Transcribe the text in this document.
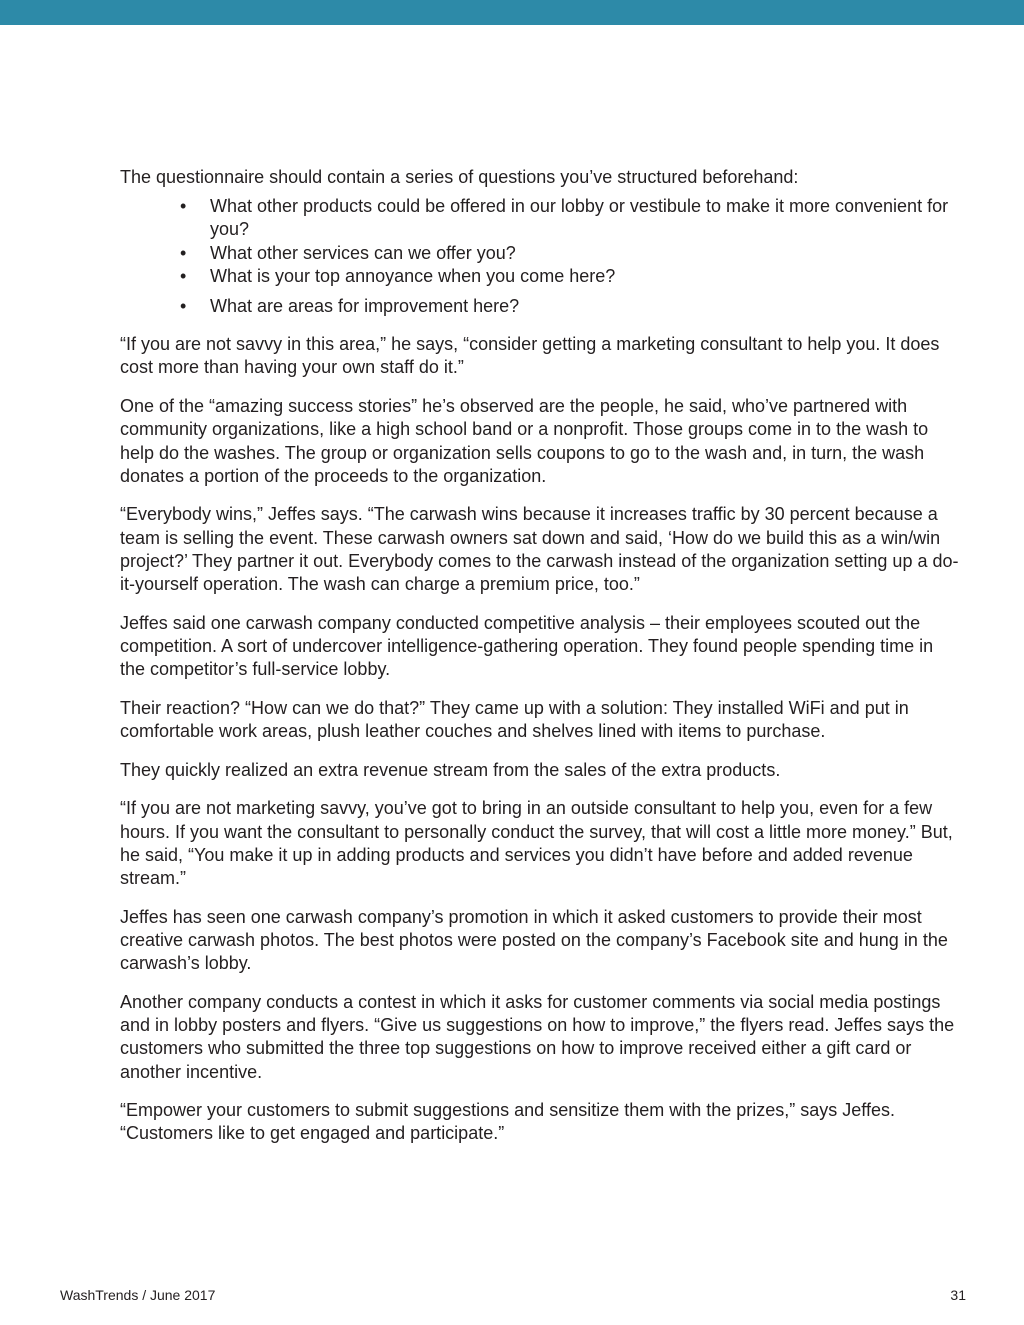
The questionnaire should contain a series of questions you’ve structured beforehand:

• What other products could be offered in our lobby or vestibule to make it more convenient for you?
• What other services can we offer you?
• What is your top annoyance when you come here?
• What are areas for improvement here?

“If you are not savvy in this area,” he says, “consider getting a marketing consultant to help you. It does cost more than having your own staff do it.”

One of the “amazing success stories” he’s observed are the people, he said, who’ve partnered with community organizations, like a high school band or a nonprofit. Those groups come in to the wash to help do the washes. The group or organization sells coupons to go to the wash and, in turn, the wash donates a portion of the proceeds to the organization.

“Everybody wins,” Jeffes says. “The carwash wins because it increases traffic by 30 percent because a team is selling the event. These carwash owners sat down and said, ‘How do we build this as a win/win project?’ They partner it out. Everybody comes to the carwash instead of the organization setting up a do-it-yourself operation. The wash can charge a premium price, too.”

Jeffes said one carwash company conducted competitive analysis – their employees scouted out the competition. A sort of undercover intelligence-gathering operation. They found people spending time in the competitor’s full-service lobby.

Their reaction? “How can we do that?” They came up with a solution: They installed WiFi and put in comfortable work areas, plush leather couches and shelves lined with items to purchase.

They quickly realized an extra revenue stream from the sales of the extra products.

“If you are not marketing savvy, you’ve got to bring in an outside consultant to help you, even for a few hours. If you want the consultant to personally conduct the survey, that will cost a little more money.” But, he said, “You make it up in adding products and services you didn’t have before and added revenue stream.”

Jeffes has seen one carwash company’s promotion in which it asked customers to provide their most creative carwash photos. The best photos were posted on the company’s Facebook site and hung in the carwash’s lobby.

Another company conducts a contest in which it asks for customer comments via social media postings and in lobby posters and flyers. “Give us suggestions on how to improve,” the flyers read. Jeffes says the customers who submitted the three top suggestions on how to improve received either a gift card or another incentive.

“Empower your customers to submit suggestions and sensitize them with the prizes,” says Jeffes. “Customers like to get engaged and participate.”

WashTrends / June 2017	31
